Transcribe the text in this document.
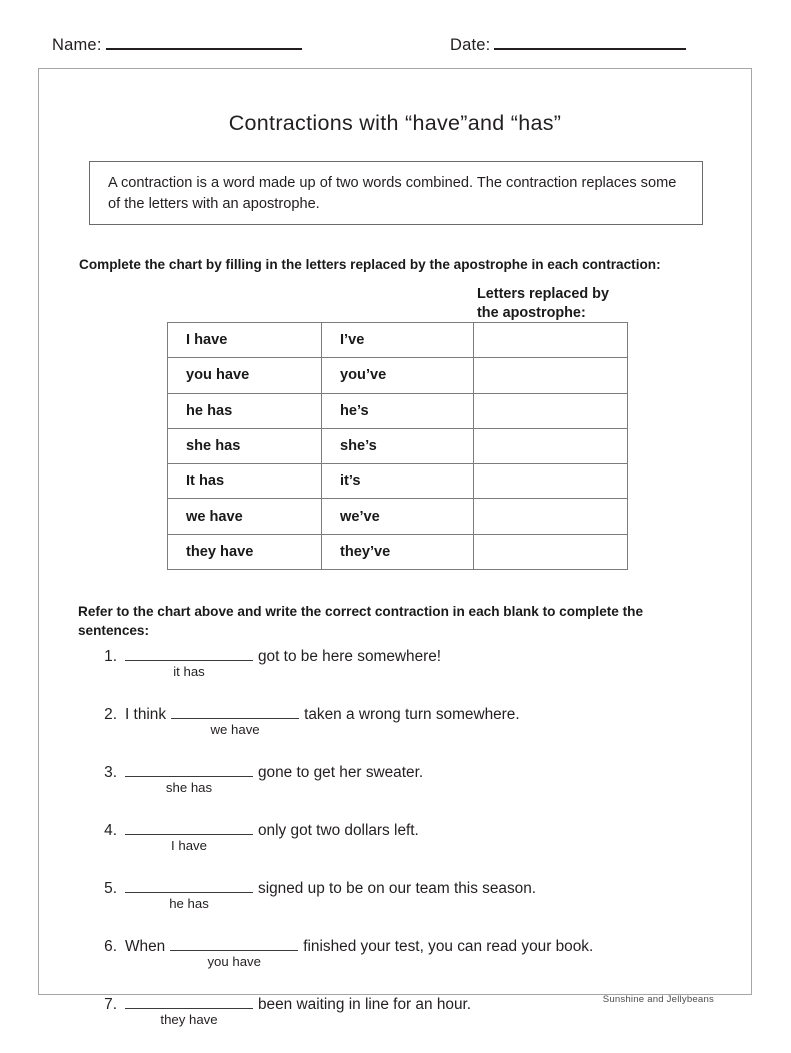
Name:	Date:
Contractions with “have”and “has”
A contraction is a word made up of two words combined. The contraction replaces some of the letters with an apostrophe.
Complete the chart by filling in the letters replaced by the apostrophe in each contraction:
Letters replaced by
the apostrophe:
I have	I’ve	
you have	you’ve	
he has	he’s	
she has	she’s	
It has	it’s	
we have	we’ve	
they have	they’ve	
Refer to the chart above and write the correct contraction in each blank to complete the sentences:
1.
it has
got to be here somewhere!
2. I think
we have
taken a wrong turn somewhere.
3.
she has
gone to get her sweater.
4.
I have
only got two dollars left.
5.
he has
signed up to be on our team this season.
6. When
you have
finished your test, you can read your book.
7.
they have
been waiting in line for an hour.	Sunshine and Jellybeans
